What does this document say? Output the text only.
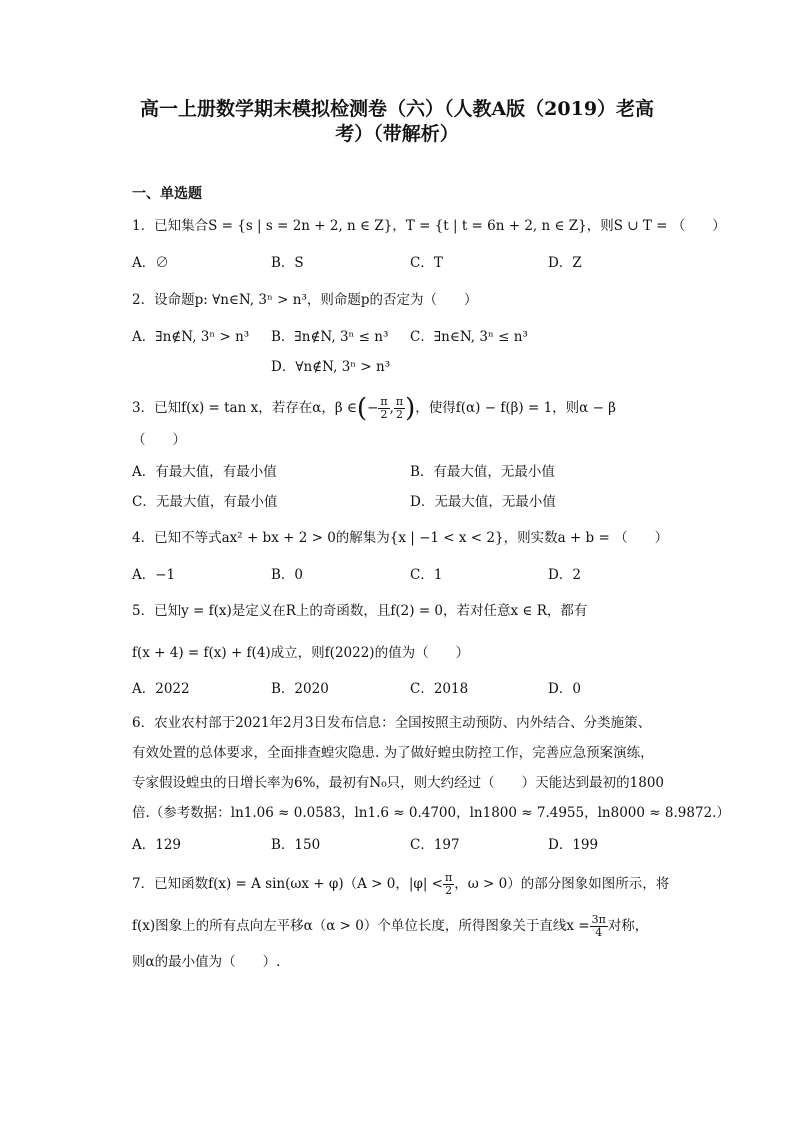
高一上册数学期末模拟检测卷（六）（人教A版（2019）老高
考）（带解析）
一、单选题
1．已知集合S = {s | s = 2n + 2, n ∈ Z}，T = {t | t = 6n + 2, n ∈ Z}，则S ∪ T = （　　）
A．∅	B．S	C．T	D．Z
2．设命题p: ∀n∈N, 3ⁿ > n³，则命题p的否定为（　　）
A．∃n∉N, 3ⁿ > n³ B．∃n∉N, 3ⁿ ≤ n³ C．∃n∈N, 3ⁿ ≤ n³
D．∀n∉N, 3ⁿ > n³
3．已知f(x) = tan x，若存在α，β ∈(− $\frac{\pi}{2}$ , $\frac{\pi}{2}$ )，使得f(α) − f(β) = 1，则α − β
（　　）
A．有最大值，有最小值	B．有最大值，无最小值
C．无最大值，有最小值	D．无最大值，无最小值
4．已知不等式ax² + bx + 2 > 0的解集为{x | −1 < x < 2}，则实数a + b = （　　）
A．−1	B．0	C．1	D．2
5．已知y = f(x)是定义在R上的奇函数，且f(2) = 0，若对任意x ∈ R，都有
f(x + 4) = f(x) + f(4)成立，则f(2022)的值为（　　）
A．2022	B．2020	C．2018	D．0
6．农业农村部于2021年2月3日发布信息：全国按照主动预防、内外结合、分类施策、
有效处置的总体要求，全面排查蝗灾隐患. 为了做好蝗虫防控工作，完善应急预案演练，
专家假设蝗虫的日增长率为6%，最初有N₀只，则大约经过（　　）天能达到最初的1800
倍.（参考数据：ln1.06 ≈ 0.0583，ln1.6 ≈ 0.4700，ln1800 ≈ 7.4955，ln8000 ≈ 8.9872.）
A．129	B．150	C．197	D．199
7．已知函数f(x) = A sin(ωx + φ)（A > 0，$|\varphi| < \frac{\pi}{2}$ ，ω > 0）的部分图象如图所示，将
f(x)图象上的所有点向左平移α（α > 0）个单位长度，所得图象关于直线$x = \frac{3\pi}{4}$ 对称，
则α的最小值为（　　）.
